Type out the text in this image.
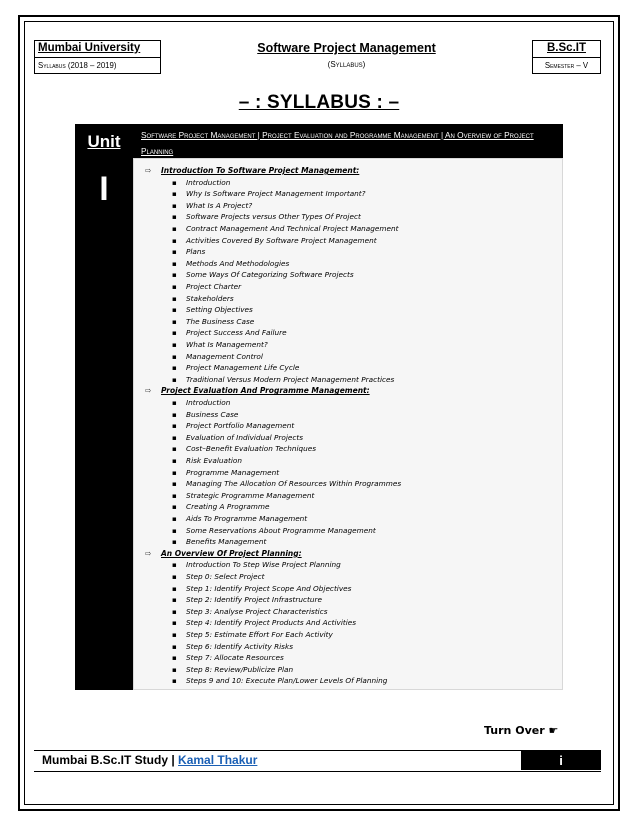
Mumbai University
Syllabus (2018 – 2019)
Software Project Management
(Syllabus)
B.Sc.IT
Semester – V
– : SYLLABUS : –
Unit
I
Software Project Management | Project Evaluation and Programme Management | An Overview of Project Planning
⇨ Introduction To Software Project Management:
▪ Introduction
▪ Why Is Software Project Management Important?
▪ What Is A Project?
▪ Software Projects versus Other Types Of Project
▪ Contract Management And Technical Project Management
▪ Activities Covered By Software Project Management
▪ Plans
▪ Methods And Methodologies
▪ Some Ways Of Categorizing Software Projects
▪ Project Charter
▪ Stakeholders
▪ Setting Objectives
▪ The Business Case
▪ Project Success And Failure
▪ What Is Management?
▪ Management Control
▪ Project Management Life Cycle
▪ Traditional Versus Modern Project Management Practices
⇨ Project Evaluation And Programme Management:
▪ Introduction
▪ Business Case
▪ Project Portfolio Management
▪ Evaluation of Individual Projects
▪ Cost–Benefit Evaluation Techniques
▪ Risk Evaluation
▪ Programme Management
▪ Managing The Allocation Of Resources Within Programmes
▪ Strategic Programme Management
▪ Creating A Programme
▪ Aids To Programme Management
▪ Some Reservations About Programme Management
▪ Benefits Management
⇨ An Overview Of Project Planning:
▪ Introduction To Step Wise Project Planning
▪ Step 0: Select Project
▪ Step 1: Identify Project Scope And Objectives
▪ Step 2: Identify Project Infrastructure
▪ Step 3: Analyse Project Characteristics
▪ Step 4: Identify Project Products And Activities
▪ Step 5: Estimate Effort For Each Activity
▪ Step 6: Identify Activity Risks
▪ Step 7: Allocate Resources
▪ Step 8: Review/Publicize Plan
▪ Steps 9 and 10: Execute Plan/Lower Levels Of Planning
Turn Over ☛
Mumbai B.Sc.IT Study | Kamal Thakur	i
